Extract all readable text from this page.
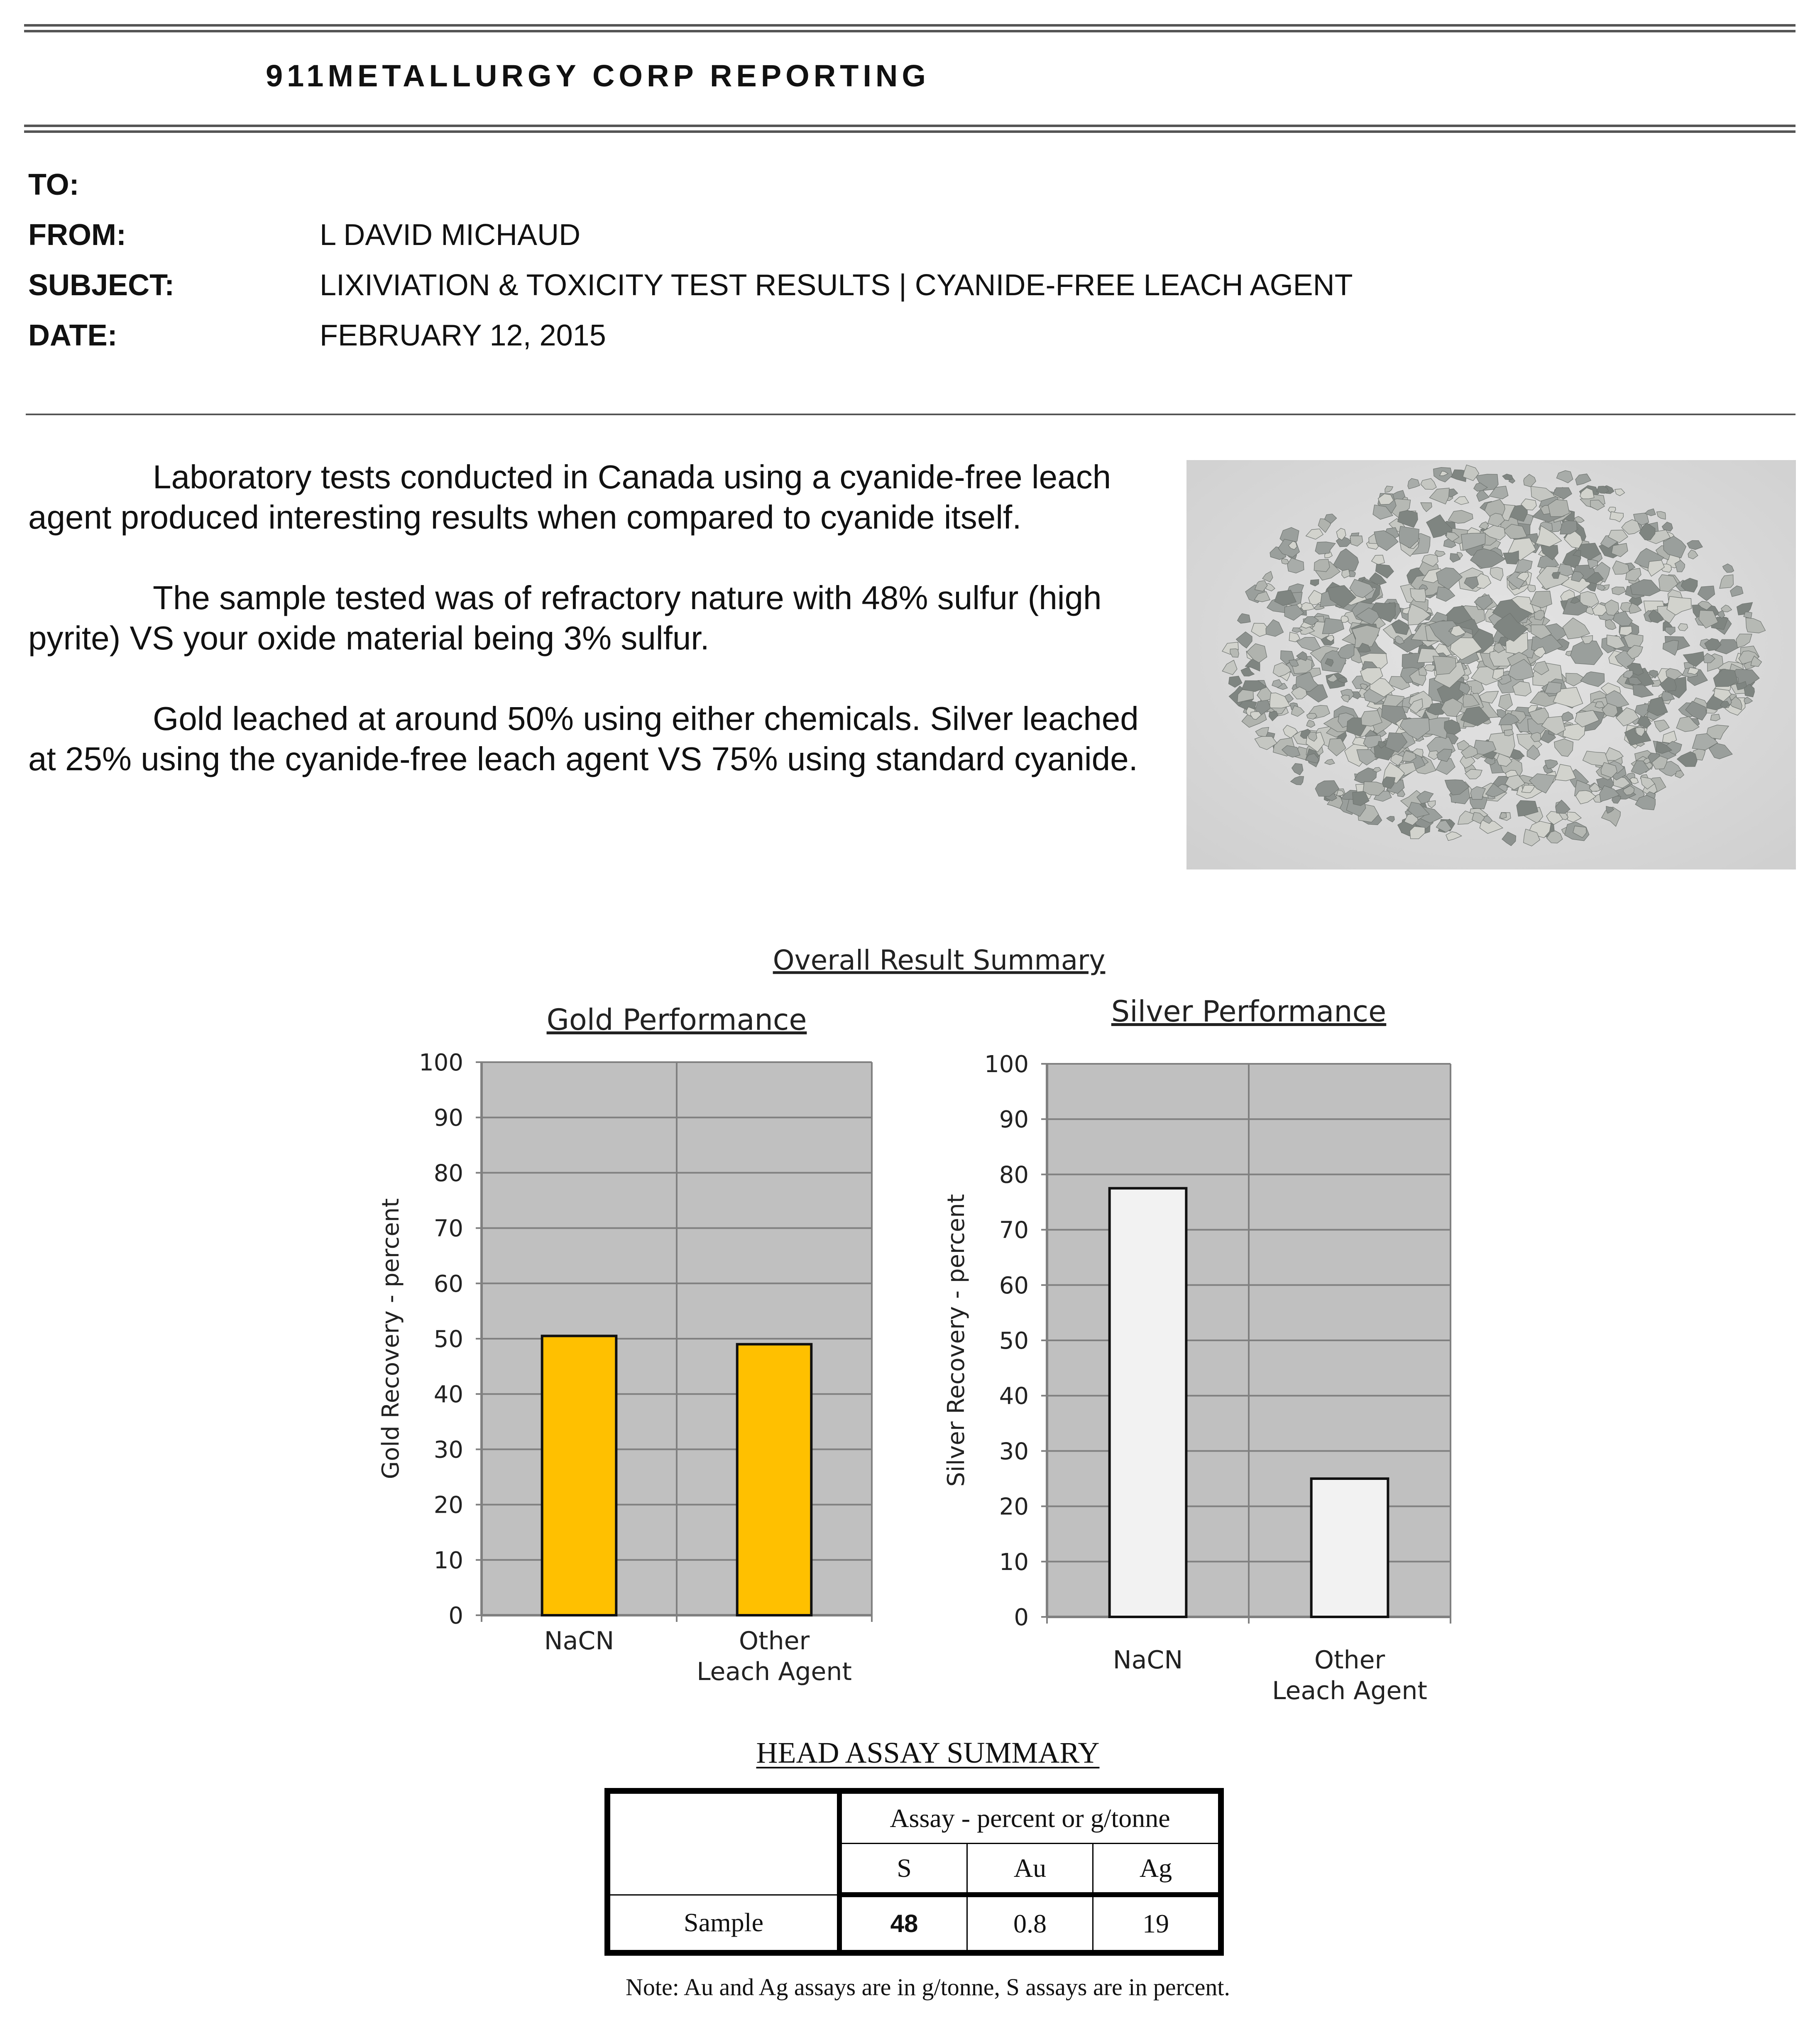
911METALLURGY CORP REPORTING
TO:
FROM:	L DAVID MICHAUD
SUBJECT:	LIXIVIATION & TOXICITY TEST RESULTS | CYANIDE-FREE LEACH AGENT
DATE:	FEBRUARY 12, 2015

Laboratory tests conducted in Canada using a cyanide-free leach agent produced interesting results when compared to cyanide itself.

The sample tested was of refractory nature with 48% sulfur (high pyrite) VS your oxide material being 3% sulfur.

Gold leached at around 50% using either chemicals. Silver leached at 25% using the cyanide-free leach agent VS 75% using standard cyanide.

Overall Result Summary
0
10
20
30
40
50
60
70
80
90
100
NaCN	Other
Leach Agent
Gold Performance
Gold Recovery - percent
0
10
20
30
40
50
60
70
80
90
100
NaCN	Other
Leach Agent
Silver Performance
Silver Recovery - percent
HEAD ASSAY SUMMARY
	Assay - percent or g/tonne		
	S	Au	Ag
Sample	48	0.8	19
Note: Au and Ag assays are in g/tonne, S assays are in percent.
